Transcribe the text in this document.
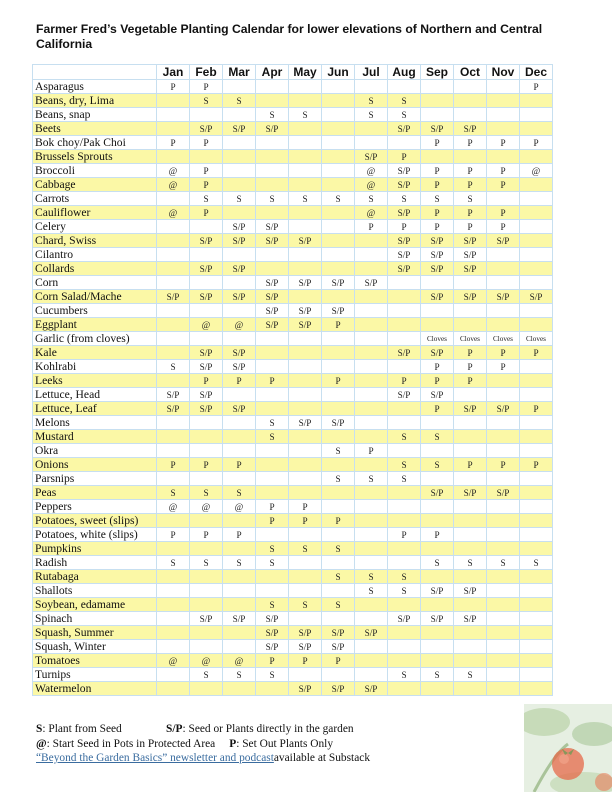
Farmer Fred’s Vegetable Planting Calendar for lower elevations of Northern and Central California
	Jan	Feb	Mar	Apr	May	Jun	Jul	Aug	Sep	Oct	Nov	Dec
Asparagus	P	P										P
Beans, dry, Lima		S	S				S	S				
Beans, snap				S	S		S	S				
Beets		S/P	S/P	S/P				S/P	S/P	S/P		
Bok choy/Pak Choi	P	P							P	P	P	P
Brussels Sprouts							S/P	P				
Broccoli	@	P					@	S/P	P	P	P	@
Cabbage	@	P					@	S/P	P	P	P	
Carrots		S	S	S	S	S	S	S	S	S		
Cauliflower	@	P					@	S/P	P	P	P	
Celery			S/P	S/P			P	P	P	P	P	
Chard, Swiss		S/P	S/P	S/P	S/P			S/P	S/P	S/P	S/P	
Cilantro								S/P	S/P	S/P		
Collards		S/P	S/P					S/P	S/P	S/P		
Corn				S/P	S/P	S/P	S/P					
Corn Salad/Mache	S/P	S/P	S/P	S/P					S/P	S/P	S/P	S/P
Cucumbers				S/P	S/P	S/P						
Eggplant		@	@	S/P	S/P	P						
Garlic (from cloves)									Cloves	Cloves	Cloves	Cloves
Kale		S/P	S/P					S/P	S/P	P	P	P
Kohlrabi	S	S/P	S/P						P	P	P	
Leeks		P	P	P		P		P	P	P		
Lettuce, Head	S/P	S/P						S/P	S/P			
Lettuce, Leaf	S/P	S/P	S/P						P	S/P	S/P	P
Melons				S	S/P	S/P						
Mustard				S				S	S			
Okra						S	P					
Onions	P	P	P					S	S	P	P	P
Parsnips						S	S	S				
Peas	S	S	S						S/P	S/P	S/P	
Peppers	@	@	@	P	P							
Potatoes, sweet (slips)				P	P	P						
Potatoes, white (slips)	P	P	P					P	P			
Pumpkins				S	S	S						
Radish	S	S	S	S					S	S	S	S
Rutabaga						S	S	S				
Shallots							S	S	S/P	S/P		
Soybean, edamame				S	S	S						
Spinach		S/P	S/P	S/P				S/P	S/P	S/P		
Squash, Summer				S/P	S/P	S/P	S/P					
Squash, Winter				S/P	S/P	S/P						
Tomatoes	@	@	@	P	P	P						
Turnips		S	S	S				S	S	S		
Watermelon					S/P	S/P	S/P					
S: Plant from Seed	S/P: Seed or Plants directly in the garden
@: Start Seed in Pots in Protected Area P: Set Out Plants Only
“Beyond the Garden Basics” newsletter and podcastavailable at Substack
